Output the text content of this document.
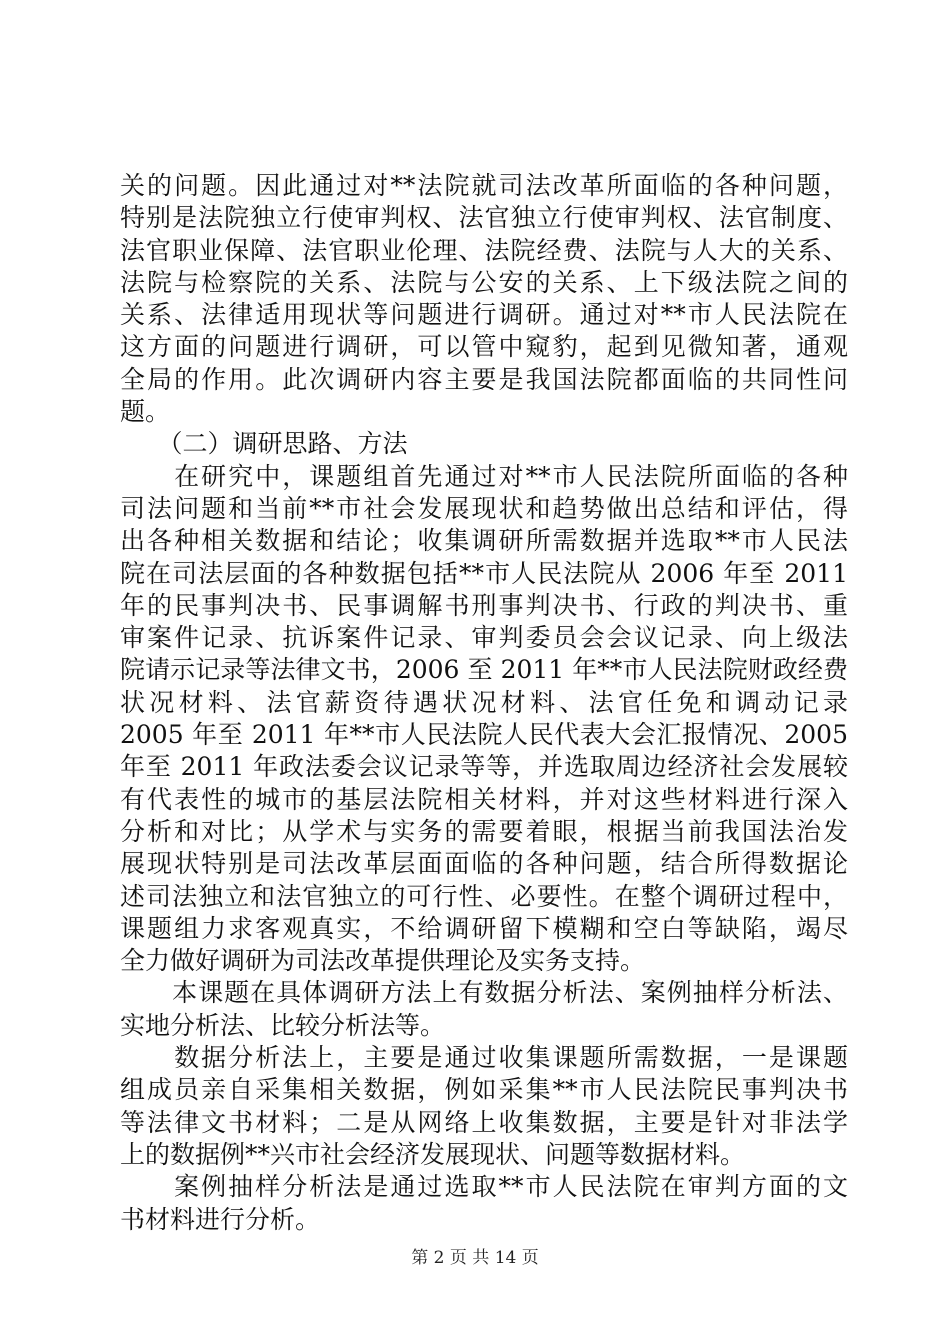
关的问题。因此通过对**法院就司法改革所面临的各种问题，
特别是法院独立行使审判权、法官独立行使审判权、法官制度、
法官职业保障、法官职业伦理、法院经费、法院与人大的关系、
法院与检察院的关系、法院与公安的关系、上下级法院之间的
关系、法律适用现状等问题进行调研。通过对**市人民法院在
这方面的问题进行调研，可以管中窥豹，起到见微知著，通观
全局的作用。此次调研内容主要是我国法院都面临的共同性问
题。
　　（二）调研思路、方法
　　在研究中，课题组首先通过对**市人民法院所面临的各种
司法问题和当前**市社会发展现状和趋势做出总结和评估，得
出各种相关数据和结论；收集调研所需数据并选取**市人民法
院在司法层面的各种数据包括**市人民法院从 2006 年至 2011
年的民事判决书、民事调解书刑事判决书、行政的判决书、重
审案件记录、抗诉案件记录、审判委员会会议记录、向上级法
院请示记录等法律文书，2006 至 2011 年**市人民法院财政经费
状况材料、法官薪资待遇状况材料、法官任免和调动记录
2005 年至 2011 年**市人民法院人民代表大会汇报情况、2005
年至 2011 年政法委会议记录等等，并选取周边经济社会发展较
有代表性的城市的基层法院相关材料，并对这些材料进行深入
分析和对比；从学术与实务的需要着眼，根据当前我国法治发
展现状特别是司法改革层面面临的各种问题，结合所得数据论
述司法独立和法官独立的可行性、必要性。在整个调研过程中，
课题组力求客观真实，不给调研留下模糊和空白等缺陷，竭尽
全力做好调研为司法改革提供理论及实务支持。
　　本课题在具体调研方法上有数据分析法、案例抽样分析法、
实地分析法、比较分析法等。
　　数据分析法上，主要是通过收集课题所需数据，一是课题
组成员亲自采集相关数据，例如采集**市人民法院民事判决书
等法律文书材料；二是从网络上收集数据，主要是针对非法学
上的数据例**兴市社会经济发展现状、问题等数据材料。
　　案例抽样分析法是通过选取**市人民法院在审判方面的文
书材料进行分析。
第 2 页 共 14 页
